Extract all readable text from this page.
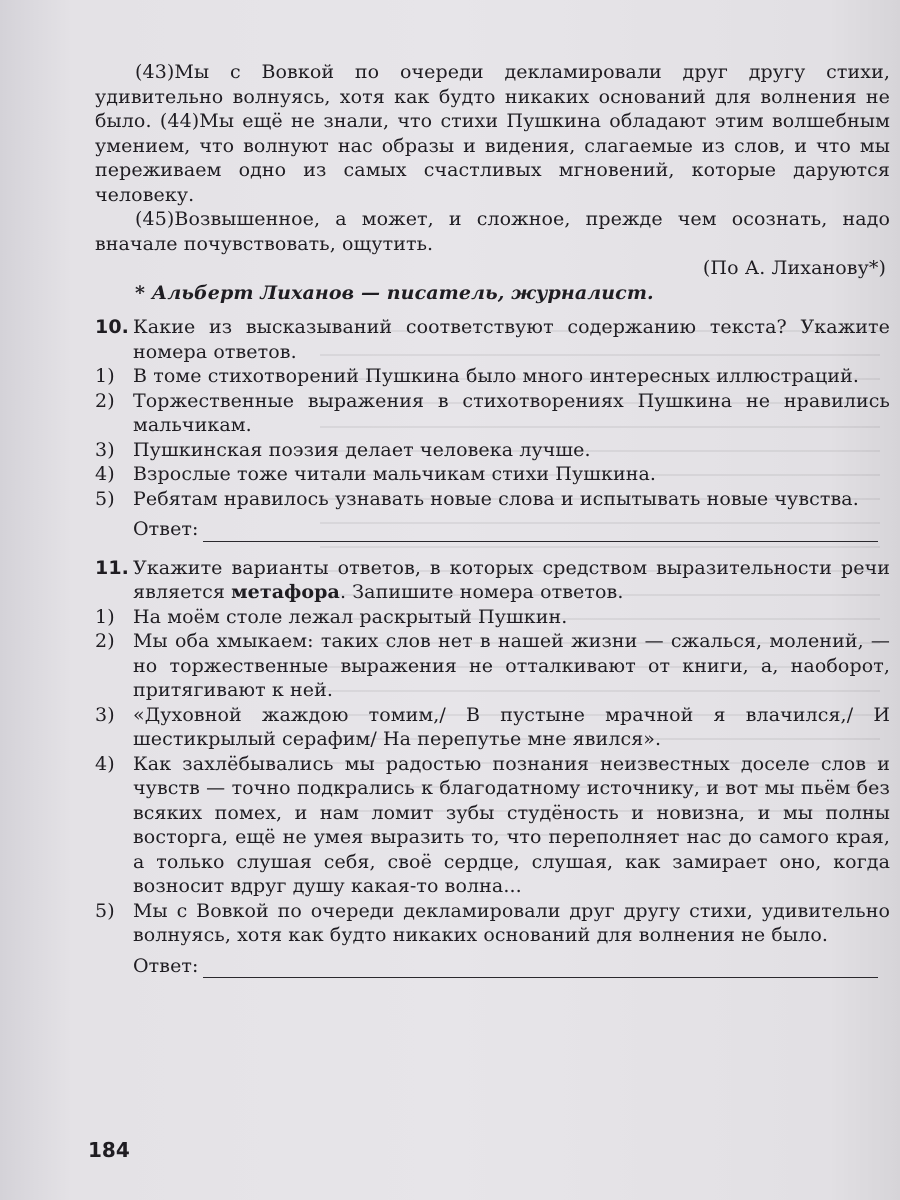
(43)Мы с Вовкой по очереди декламировали друг другу стихи, удивительно волнуясь, хотя как будто никаких оснований для волнения не было. (44)Мы ещё не знали, что стихи Пушкина обладают этим волшебным умением, что волнуют нас образы и видения, слагаемые из слов, и что мы переживаем одно из самых счастливых мгновений, которые даруются человеку.

(45)Возвышенное, а может, и сложное, прежде чем осознать, надо вначале почувствовать, ощутить.

(По А. Лиханову*)

* Альберт Лиханов — писатель, журналист.

10. Какие из высказываний соответствуют содержанию текста? Укажите номера ответов.
1) В томе стихотворений Пушкина было много интересных иллюстраций.
2) Торжественные выражения в стихотворениях Пушкина не нравились мальчикам.
3) Пушкинская поэзия делает человека лучше.
4) Взрослые тоже читали мальчикам стихи Пушкина.
5) Ребятам нравилось узнавать новые слова и испытывать новые чувства.
Ответ:
11. Укажите варианты ответов, в которых средством выразительности речи является метафора. Запишите номера ответов.
1) На моём столе лежал раскрытый Пушкин.
2) Мы оба хмыкаем: таких слов нет в нашей жизни — сжалься, молений, — но торжественные выражения не отталкивают от книги, а, наоборот, притягивают к ней.
3) «Духовной жаждою томим,/ В пустыне мрачной я влачился,/ И шестикрылый серафим/ На перепутье мне явился».
4) Как захлёбывались мы радостью познания неизвестных доселе слов и чувств — точно подкрались к благодатному источнику, и вот мы пьём без всяких помех, и нам ломит зубы студёность и новизна, и мы полны восторга, ещё не умея выразить то, что переполняет нас до самого края, а только слушая себя, своё сердце, слушая, как замирает оно, когда возносит вдруг душу какая-то волна...
5) Мы с Вовкой по очереди декламировали друг другу стихи, удивительно волнуясь, хотя как будто никаких оснований для волнения не было.
Ответ:
184
